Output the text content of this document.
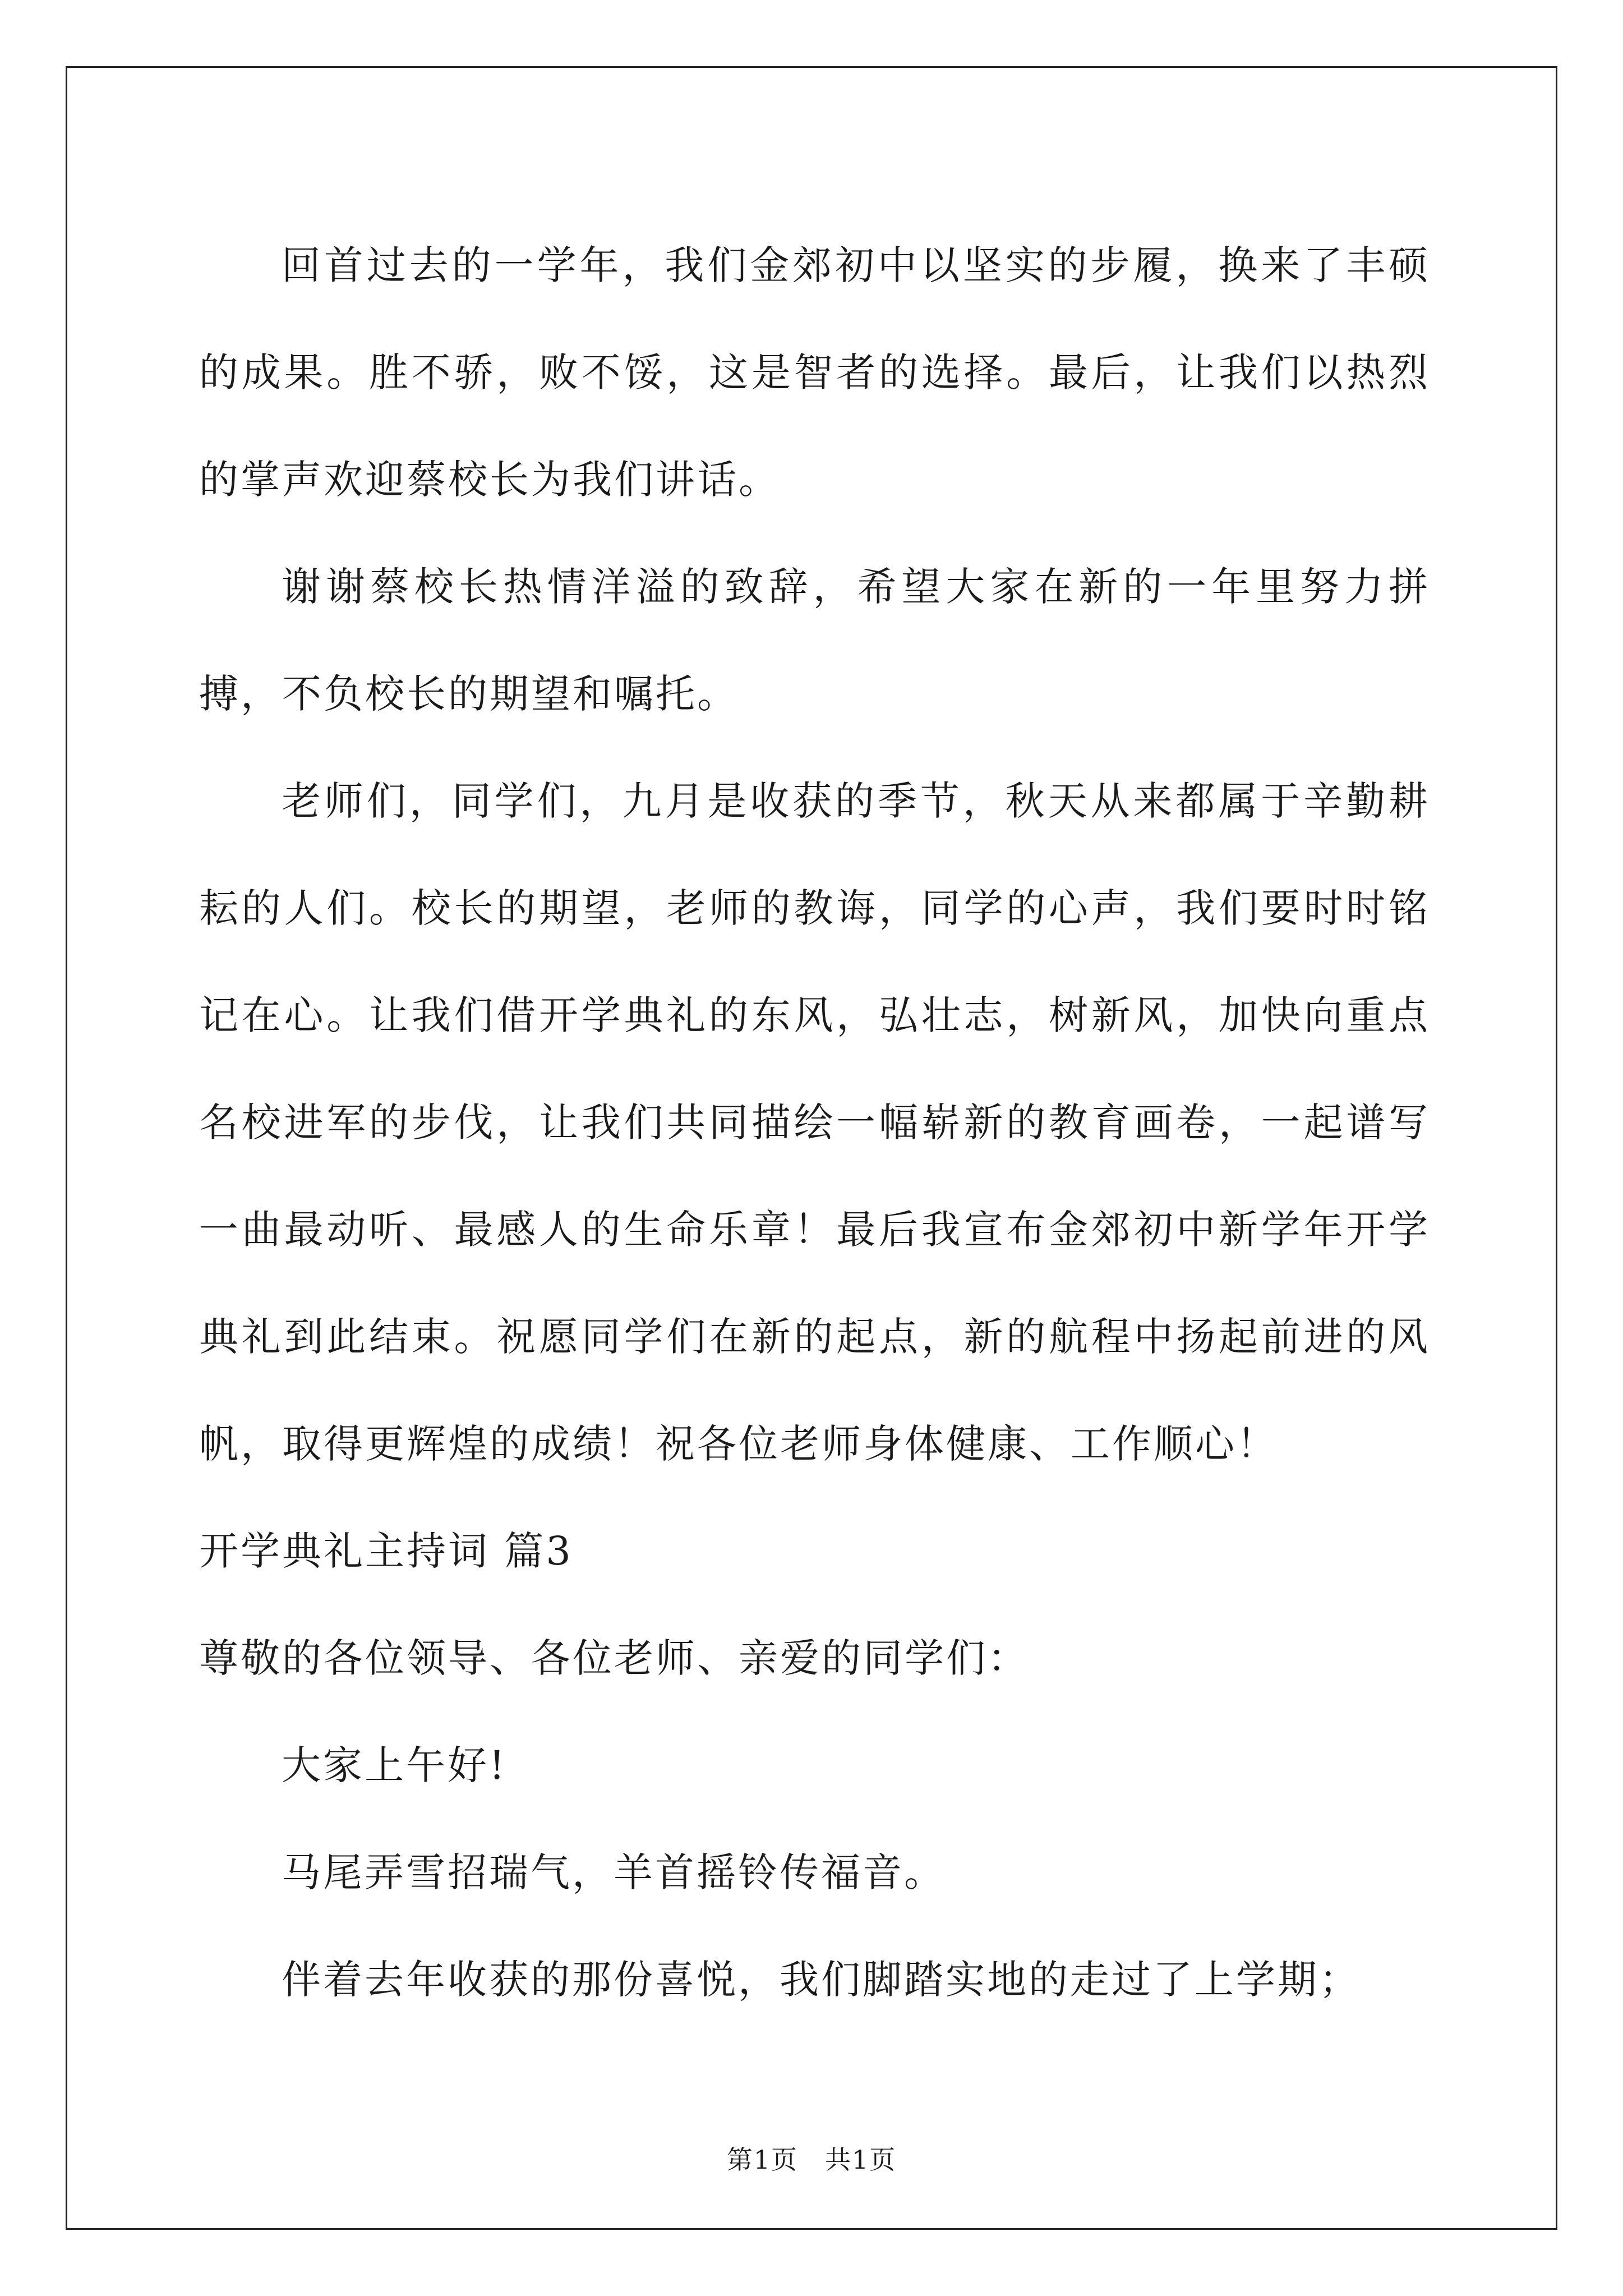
回首过去的一学年，我们金郊初中以坚实的步履，换来了丰硕的成果。胜不骄，败不馁，这是智者的选择。最后，让我们以热烈的掌声欢迎蔡校长为我们讲话。

谢谢蔡校长热情洋溢的致辞，希望大家在新的一年里努力拼搏，不负校长的期望和嘱托。

老师们，同学们，九月是收获的季节，秋天从来都属于辛勤耕耘的人们。校长的期望，老师的教诲，同学的心声，我们要时时铭记在心。让我们借开学典礼的东风，弘壮志，树新风，加快向重点名校进军的步伐，让我们共同描绘一幅崭新的教育画卷，一起谱写一曲最动听、最感人的生命乐章！最后我宣布金郊初中新学年开学典礼到此结束。祝愿同学们在新的起点，新的航程中扬起前进的风帆，取得更辉煌的成绩！祝各位老师身体健康、工作顺心！

开学典礼主持词 篇3

尊敬的各位领导、各位老师、亲爱的同学们：

大家上午好!

马尾弄雪招瑞气，羊首摇铃传福音。

伴着去年收获的那份喜悦，我们脚踏实地的走过了上学期；

第1页　共1页
